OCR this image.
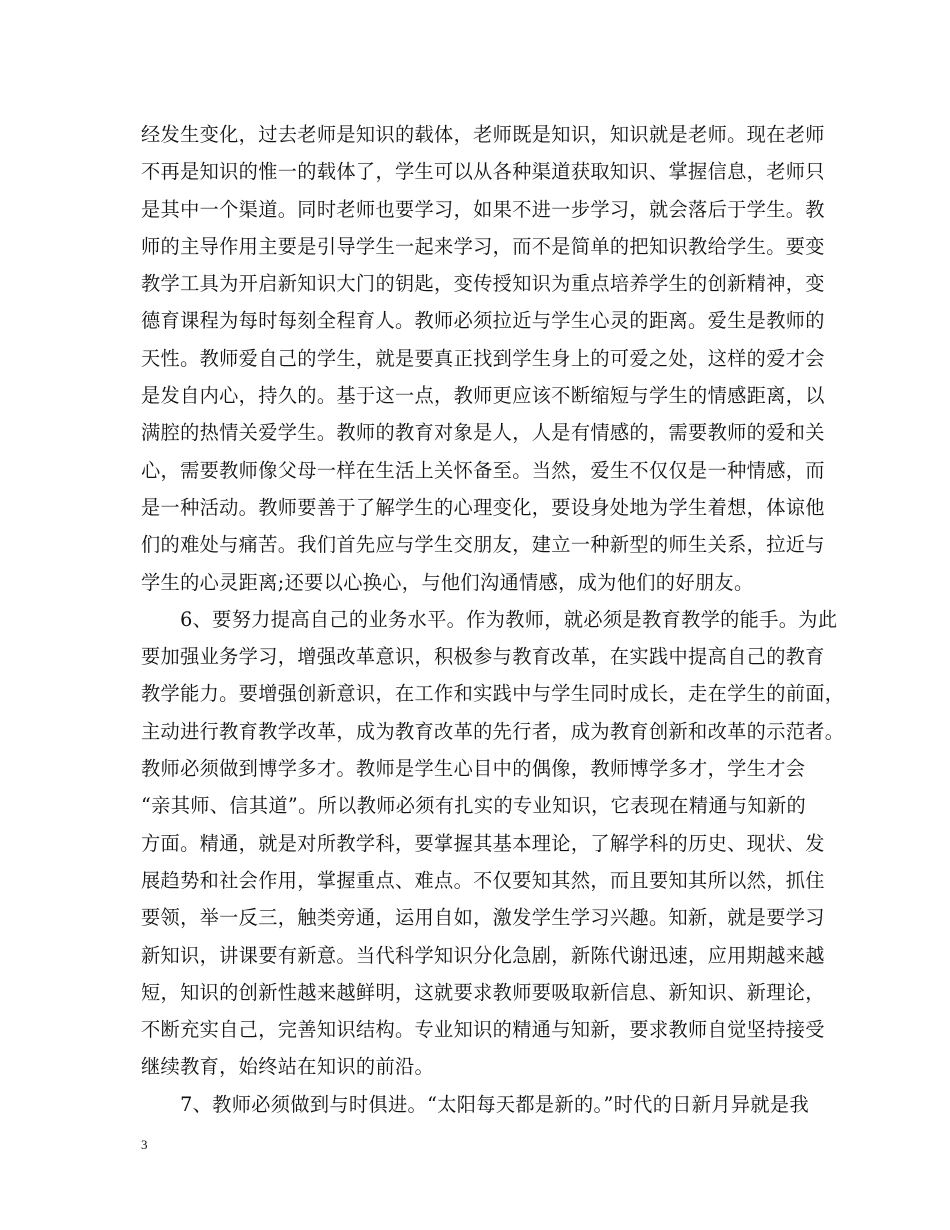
经发生变化，过去老师是知识的载体，老师既是知识，知识就是老师。现在老师
不再是知识的惟一的载体了，学生可以从各种渠道获取知识、掌握信息，老师只
是其中一个渠道。同时老师也要学习，如果不进一步学习，就会落后于学生。教
师的主导作用主要是引导学生一起来学习，而不是简单的把知识教给学生。要变
教学工具为开启新知识大门的钥匙，变传授知识为重点培养学生的创新精神，变
德育课程为每时每刻全程育人。教师必须拉近与学生心灵的距离。爱生是教师的
天性。教师爱自己的学生，就是要真正找到学生身上的可爱之处，这样的爱才会
是发自内心，持久的。基于这一点，教师更应该不断缩短与学生的情感距离，以
满腔的热情关爱学生。教师的教育对象是人，人是有情感的，需要教师的爱和关
心，需要教师像父母一样在生活上关怀备至。当然，爱生不仅仅是一种情感，而
是一种活动。教师要善于了解学生的心理变化，要设身处地为学生着想，体谅他
们的难处与痛苦。我们首先应与学生交朋友，建立一种新型的师生关系，拉近与
学生的心灵距离;还要以心换心，与他们沟通情感，成为他们的好朋友。
　　6、要努力提高自己的业务水平。作为教师，就必须是教育教学的能手。为此
要加强业务学习，增强改革意识，积极参与教育改革，在实践中提高自己的教育
教学能力。要增强创新意识，在工作和实践中与学生同时成长，走在学生的前面，
主动进行教育教学改革，成为教育改革的先行者，成为教育创新和改革的示范者。
教师必须做到博学多才。教师是学生心目中的偶像，教师博学多才，学生才会
“亲其师、信其道”。所以教师必须有扎实的专业知识，它表现在精通与知新的
方面。精通，就是对所教学科，要掌握其基本理论，了解学科的历史、现状、发
展趋势和社会作用，掌握重点、难点。不仅要知其然，而且要知其所以然，抓住
要领，举一反三，触类旁通，运用自如，激发学生学习兴趣。知新，就是要学习
新知识，讲课要有新意。当代科学知识分化急剧，新陈代谢迅速，应用期越来越
短，知识的创新性越来越鲜明，这就要求教师要吸取新信息、新知识、新理论，
不断充实自己，完善知识结构。专业知识的精通与知新，要求教师自觉坚持接受
继续教育，始终站在知识的前沿。
　　7、教师必须做到与时俱进。“太阳每天都是新的。”时代的日新月异就是我
3
